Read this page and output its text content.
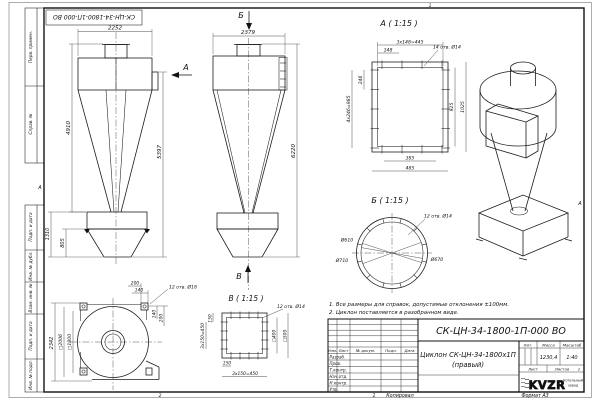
Перв. примен.
Справ. №
Подп. и дата
Инв. № дубл.
Взам. инв. №
Подп. и дата
Инв. № подл.
А
А
1
2	1 Копировал	Формат А3
СК-ЦН-34-1800-1П-000 ВО
2252
4910
5397
1310
805
А
Б
2379
6220
В
2342 □2006 □1800
200
140
12 отв. Ø18
140 200
А ( 1:15 )
3x148=445
148
14 отв. Ø14
246
4x246=985	925 1025
385
485
Б ( 1:15 )
12 отв. Ø14
Ø610
Ø710	Ø670
В ( 1:15 )
3x150=450
150
150
3x150=450
□400 □500
12 отв. Ø14	1. Все размеры для справок, допустимые отклонения ±100мм.
2. Циклон поставляется в разобранном виде.
Изм. Лист № докум.	Подп. Дата
Разраб.
Пров.
Т.контр.
Нач.отд.
Н.контр.
Утв.
СК-ЦН-34-1800-1П-000 ВО
Циклон СК-ЦН-34-1800х1П
(правый)
Лит.	Масса Масштаб
1230,4 1:40
Лист	Листов 1
KVZR
Котельный
завод
